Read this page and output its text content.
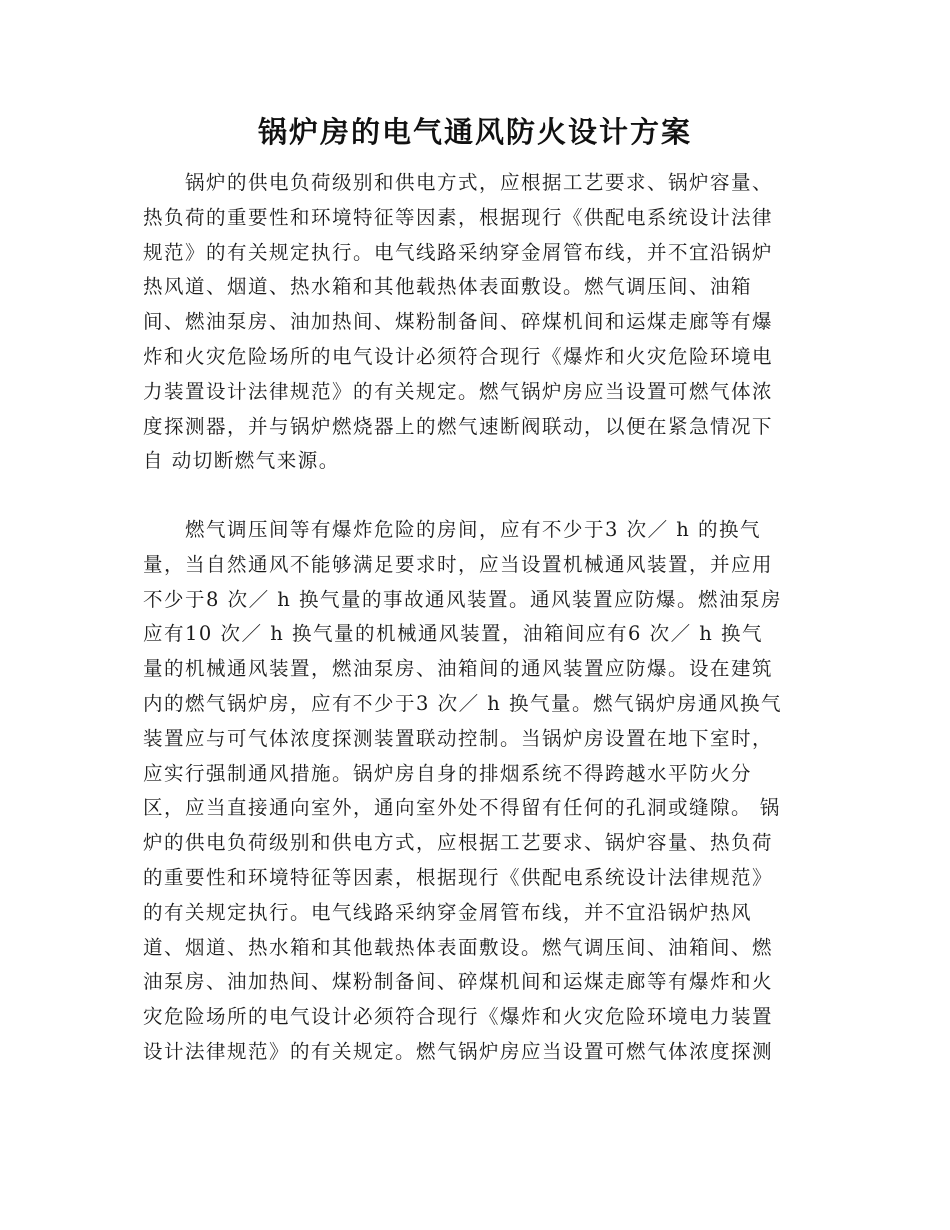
锅炉房的电气通风防火设计方案
　　锅炉的供电负荷级别和供电方式，应根据工艺要求、锅炉容量、
热负荷的重要性和环境特征等因素，根据现行《供配电系统设计法律
规范》的有关规定执行。电气线路采纳穿金屑管布线，并不宜沿锅炉
热风道、烟道、热水箱和其他载热体表面敷设。燃气调压间、油箱
间、燃油泵房、油加热间、煤粉制备间、碎煤机间和运煤走廊等有爆
炸和火灾危险场所的电气设计必须符合现行《爆炸和火灾危险环境电
力装置设计法律规范》的有关规定。燃气锅炉房应当设置可燃气体浓
度探测器，并与锅炉燃烧器上的燃气速断阀联动，以便在紧急情况下
自 动切断燃气来源。
　　燃气调压间等有爆炸危险的房间，应有不少于3 次／ h 的换气
量，当自然通风不能够满足要求时，应当设置机械通风装置，并应用
不少于8 次／ h 换气量的事故通风装置。通风装置应防爆。燃油泵房
应有10 次／ h 换气量的机械通风装置，油箱间应有6 次／ h 换气
量的机械通风装置，燃油泵房、油箱间的通风装置应防爆。设在建筑
内的燃气锅炉房，应有不少于3 次／ h 换气量。燃气锅炉房通风换气
装置应与可气体浓度探测装置联动控制。当锅炉房设置在地下室时，
应实行强制通风措施。锅炉房自身的排烟系统不得跨越水平防火分
区，应当直接通向室外，通向室外处不得留有任何的孔洞或缝隙。 锅
炉的供电负荷级别和供电方式，应根据工艺要求、锅炉容量、热负荷
的重要性和环境特征等因素，根据现行《供配电系统设计法律规范》
的有关规定执行。电气线路采纳穿金屑管布线，并不宜沿锅炉热风
道、烟道、热水箱和其他载热体表面敷设。燃气调压间、油箱间、燃
油泵房、油加热间、煤粉制备间、碎煤机间和运煤走廊等有爆炸和火
灾危险场所的电气设计必须符合现行《爆炸和火灾危险环境电力装置
设计法律规范》的有关规定。燃气锅炉房应当设置可燃气体浓度探测
